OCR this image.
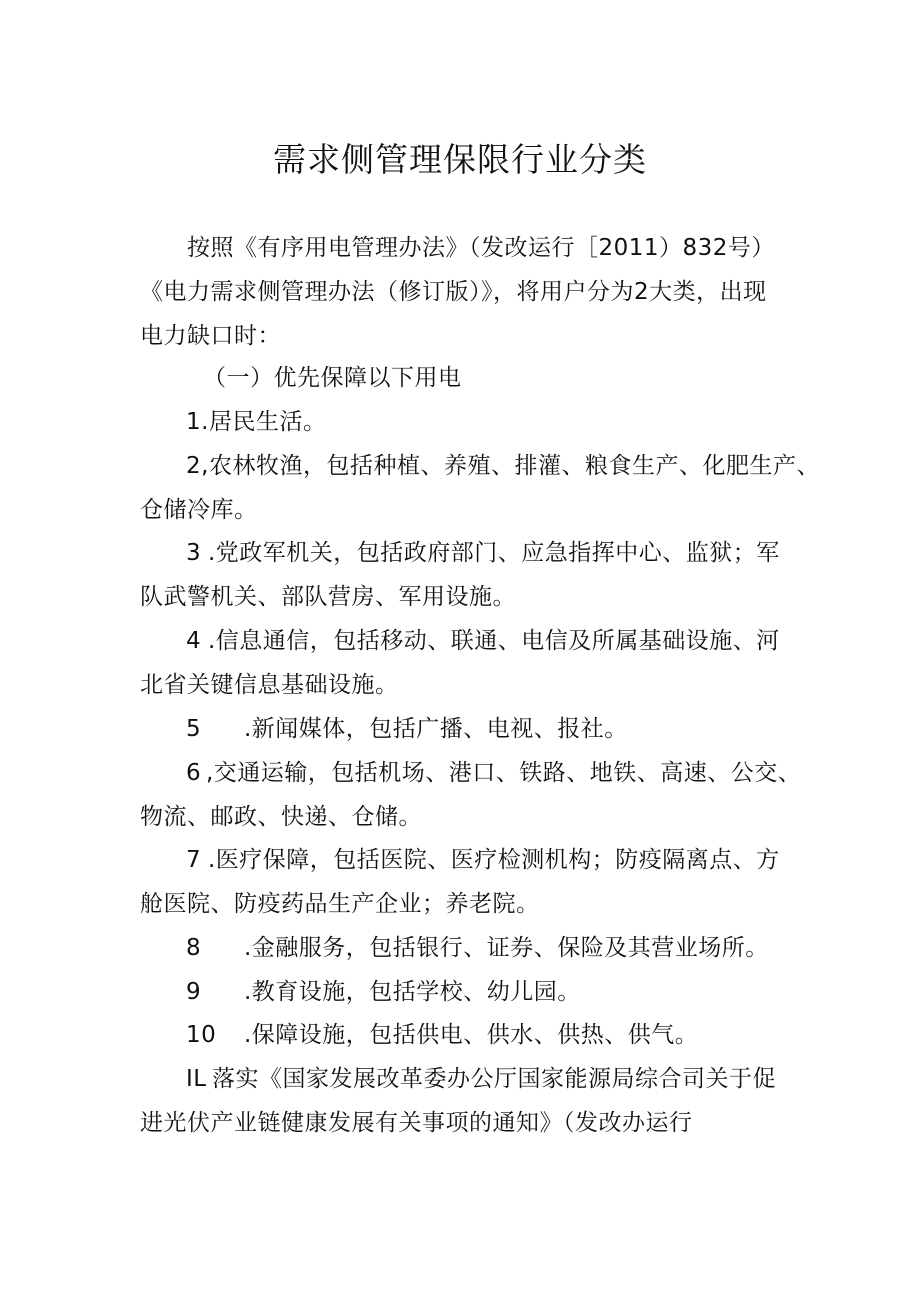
需求侧管理保限行业分类
按照《有序用电管理办法》（发改运行［2011）832号）
《电力需求侧管理办法（修订版）》，将用户分为2大类，出现
电力缺口时：
（一）优先保障以下用电
1.居民生活。
2,农林牧渔，包括种植、养殖、排灌、粮食生产、化肥生产、
仓储冷库。
3 .党政军机关，包括政府部门、应急指挥中心、监狱；军
队武警机关、部队营房、军用设施。
4 .信息通信，包括移动、联通、电信及所属基础设施、河
北省关键信息基础设施。
5 .新闻媒体，包括广播、电视、报社。
6 ,交通运输，包括机场、港口、铁路、地铁、高速、公交、
物流、邮政、快递、仓储。
7 .医疗保障，包括医院、医疗检测机构；防疫隔离点、方
舱医院、防疫药品生产企业；养老院。
8 .金融服务，包括银行、证券、保险及其营业场所。
9 .教育设施，包括学校、幼儿园。
10 .保障设施，包括供电、供水、供热、供气。
IL 落实《国家发展改革委办公厅国家能源局综合司关于促
进光伏产业链健康发展有关事项的通知》（发改办运行
